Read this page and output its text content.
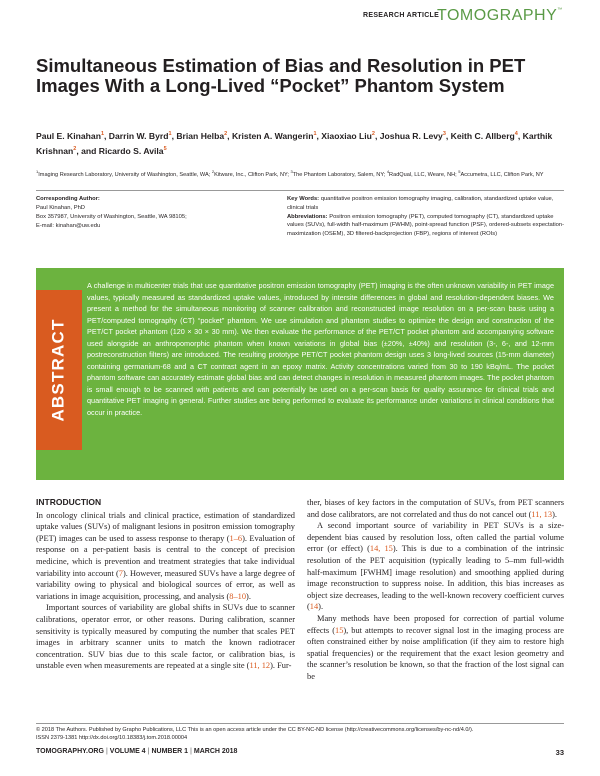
RESEARCH ARTICLE
TOMOGRAPHY™
Simultaneous Estimation of Bias and Resolution in PET Images With a Long-Lived “Pocket” Phantom System
Paul E. Kinahan$^1$, Darrin W. Byrd$^1$, Brian Helba$^2$, Kristen A. Wangerin$^1$, Xiaoxiao Liu$^2$, Joshua R. Levy$^3$, Keith C. Allberg$^4$, Karthik Krishnan$^2$, and Ricardo S. Avila$^5$
$^1$Imaging Research Laboratory, University of Washington, Seattle, WA; $^2$Kitware, Inc., Clifton Park, NY; $^3$The Phantom Laboratory, Salem, NY; $^4$RadQual, LLC, Weare, NH; $^5$Accumetra, LLC, Clifton Park, NY
Corresponding Author:
Paul Kinahan, PhD
Box 357987, University of Washington, Seattle, WA 98105;
E-mail: kinahan@uw.edu
Key Words: quantitative positron emission tomography imaging, calibration, standardized uptake value, clinical trials
Abbreviations: Positron emission tomography (PET), computed tomography (CT), standardized uptake values (SUVs), full-width half-maximum (FWHM), point-spread function (PSF), ordered-subsets expectation-maximization (OSEM), 3D filtered-backprojection (FBP), regions of interest (ROIs)
ABSTRACT
A challenge in multicenter trials that use quantitative positron emission tomography (PET) imaging is the often unknown variability in PET image values, typically measured as standardized uptake values, introduced by intersite differences in global and resolution-dependent biases. We present a method for the simultaneous monitoring of scanner calibration and reconstructed image resolution on a per-scan basis using a PET/computed tomography (CT) “pocket” phantom. We use simulation and phantom studies to optimize the design and construction of the PET/CT pocket phantom (120 × 30 × 30 mm). We then evaluate the performance of the PET/CT pocket phantom and accompanying software used alongside an anthropomorphic phantom when known variations in global bias (±20%, ±40%) and resolution (3-, 6-, and 12-mm postreconstruction filters) are introduced. The resulting prototype PET/CT pocket phantom design uses 3 long-lived sources (15-mm diameter) containing germanium-68 and a CT contrast agent in an epoxy matrix. Activity concentrations varied from 30 to 190 kBq/mL. The pocket phantom software can accurately estimate global bias and can detect changes in resolution in measured phantom images. The pocket phantom is small enough to be scanned with patients and can potentially be used on a per-scan basis for quality assurance for clinical trials and quantitative PET imaging in general. Further studies are being performed to evaluate its performance under variations in clinical conditions that occur in practice.
INTRODUCTION

In oncology clinical trials and clinical practice, estimation of standardized uptake values (SUVs) of malignant lesions in positron emission tomography (PET) images can be used to assess response to therapy (1–6). Evaluation of response on a per-patient basis is central to the concept of precision medicine, which is prevention and treatment strategies that take individual variability into account (7). However, measured SUVs have a large degree of variability owing to physical and biological sources of error, as well as variations in image acquisition, processing, and analysis (8–10).

Important sources of variability are global shifts in SUVs due to scanner calibrations, operator error, or other reasons. During calibration, scanner sensitivity is typically measured by computing the number that scales PET images in arbitrary scanner units to match the known radiotracer concentration. SUV bias due to this scale factor, or calibration bias, is unstable even when measurements are repeated at a single site (11, 12). Fur-

ther, biases of key factors in the computation of SUVs, from PET scanners and dose calibrators, are not correlated and thus do not cancel out (11, 13).

A second important source of variability in PET SUVs is a size-dependent bias caused by resolution loss, often called the partial volume error (or effect) (14, 15). This is due to a combination of the intrinsic resolution of the PET acquisition (typically leading to 5–mm full-width half-maximum [FWHM] image resolution) and smoothing applied during image reconstruction to suppress noise. In addition, this bias increases as object size decreases, leading to the well-known recovery coefficient curves (14).

Many methods have been proposed for correction of partial volume effects (15), but attempts to recover signal lost in the imaging process are often constrained either by noise amplification (if they aim to restore high spatial frequencies) or the requirement that the exact lesion geometry and the scanner’s resolution be known, so that the fraction of the lost signal can be

© 2018 The Authors. Published by Grapho Publications, LLC This is an open access article under the CC BY-NC-ND license (http://creativecommons.org/licenses/by-nc-nd/4.0/).
ISSN 2379-1381 http://dx.doi.org/10.18383/j.tom.2018.00004
TOMOGRAPHY.ORG | VOLUME 4 | NUMBER 1 | MARCH 2018	33
